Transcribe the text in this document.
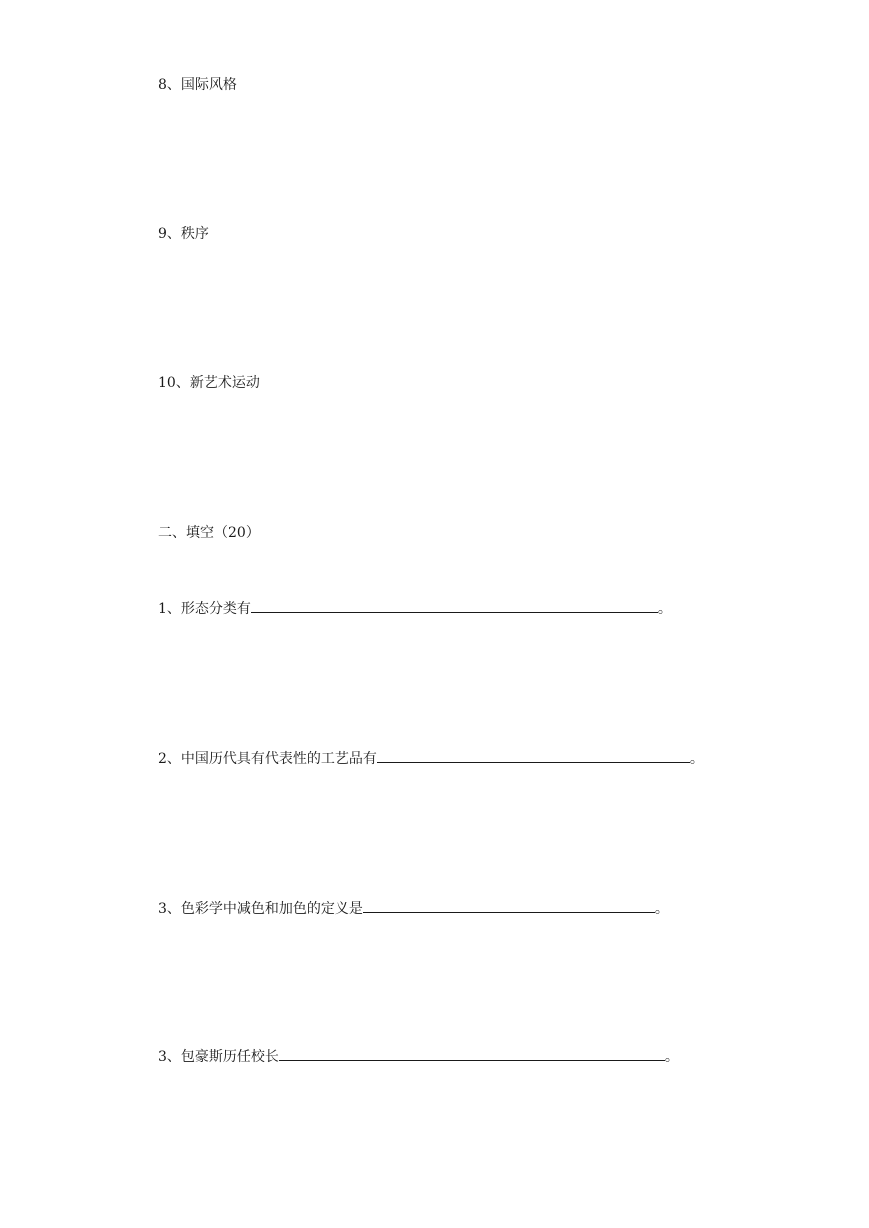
8、国际风格
9、秩序
10、新艺术运动
二、填空（20）
1、形态分类有	。
2、中国历代具有代表性的工艺品有	。
3、色彩学中减色和加色的定义是	。
3、包豪斯历任校长	。
